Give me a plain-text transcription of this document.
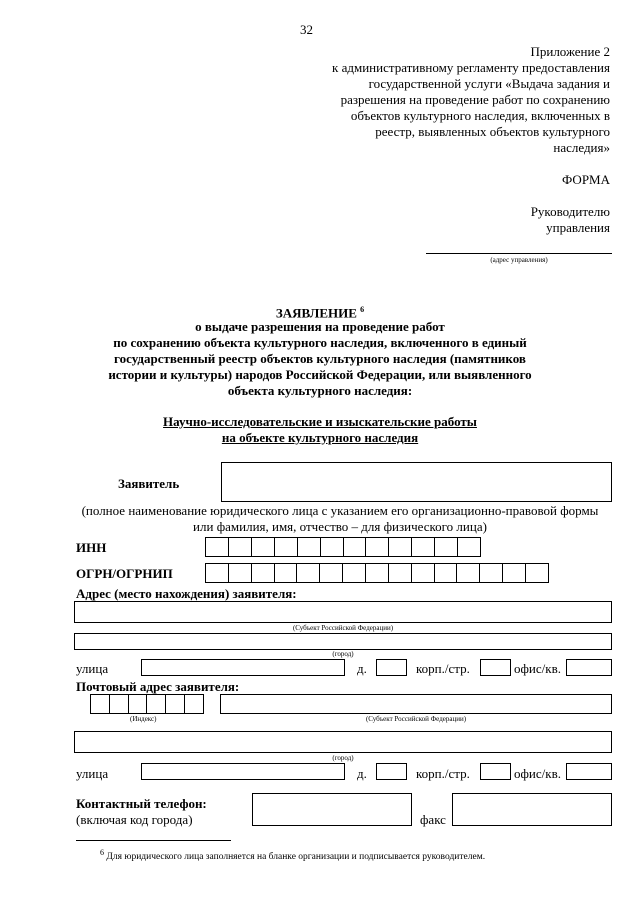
32
Приложение 2
к административному регламенту предоставления
государственной услуги «Выдача задания и
разрешения на проведение работ по сохранению
объектов культурного наследия, включенных в
реестр, выявленных объектов культурного
наследия»
ФОРМА
Руководителю
управления
(адрес управления)
ЗАЯВЛЕНИЕ $^6$
о выдаче разрешения на проведение работ
по сохранению объекта культурного наследия, включенного в единый
государственный реестр объектов культурного наследия (памятников
истории и культуры) народов Российской Федерации, или выявленного
объекта культурного наследия:
Научно-исследовательские и изыскательские работы
на объекте культурного наследия
Заявитель
(полное наименование юридического лица с указанием его организационно-правовой формы
или фамилия, имя, отчество – для физического лица)
ИНН
ОГРН/ОГРНИП
Адрес (место нахождения) заявителя:
(Субъект Российской Федерации)
(город)
улица	д.	корп./стр.	офис/кв.
Почтовый адрес заявителя:
(Индекс)	(Субъект Российской Федерации)
(город)
улица	д.	корп./стр.	офис/кв.
Контактный телефон:
(включая код города)	факс
$^6$ Для юридического лица заполняется на бланке организации и подписывается руководителем.
